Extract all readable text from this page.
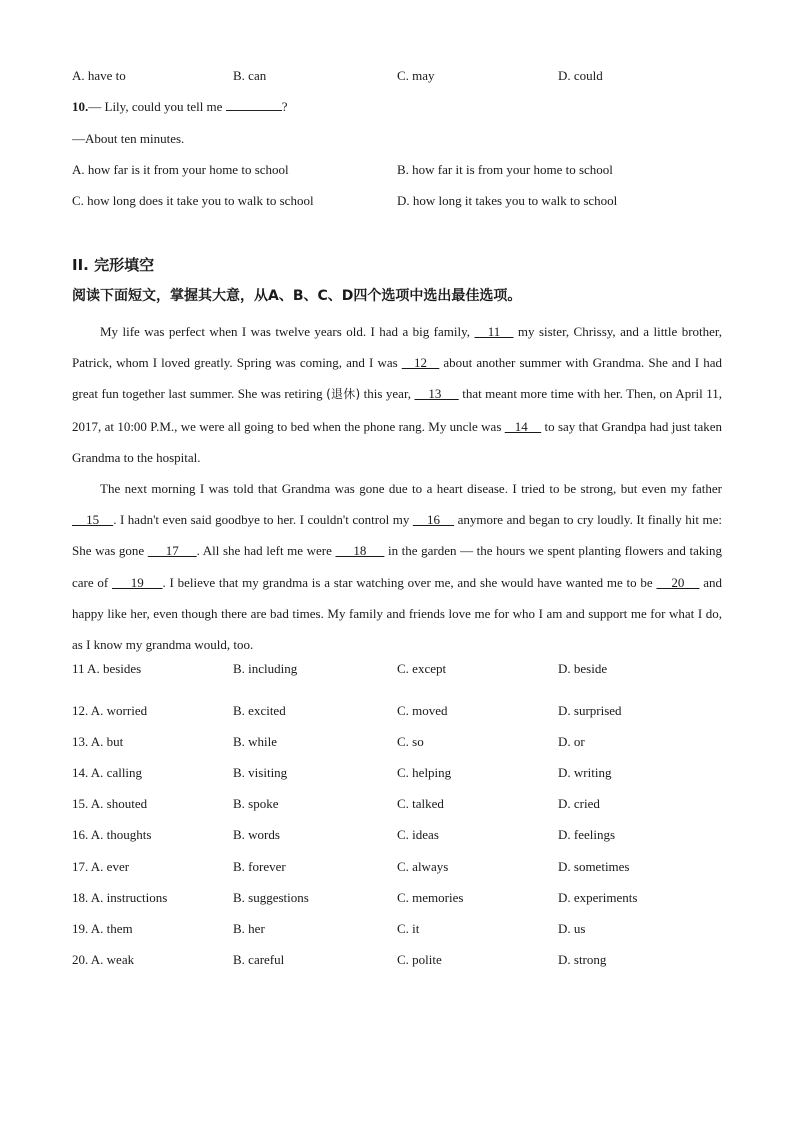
A. have to	B. can	C. may	D. could
10.— Lily, could you tell me	?
—About ten minutes.
A. how far is it from your home to school	B. how far it is from your home to school
C. how long does it take you to walk to school	D. how long it takes you to walk to school
II. 完形填空
阅读下面短文，掌握其大意，从A、B、C、D四个选项中选出最佳选项。

My life was perfect when I was twelve years old. I had a big family,    11    my sister, Chrissy, and a little brother, Patrick, whom I loved greatly. Spring was coming, and I was    12    about another summer with Grandma. She and I had great fun together last summer. She was retiring (退休) this year,     13      that meant more time with her. Then, on April 11, 2017, at 10:00 P.M., we were all going to bed when the phone rang. My uncle was    14     to say that Grandpa had just taken Grandma to the hospital.

The next morning I was told that Grandma was gone due to a heart disease. I tried to be strong, but even my father     15    . I hadn't even said goodbye to her. I couldn't control my     16     anymore and began to cry loudly. It finally hit me: She was gone      17     . All she had left me were      18      in the garden — the hours we spent planting flowers and taking care of      19     . I believe that my grandma is a star watching over me, and she would have wanted me to be     20     and happy like her, even though there are bad times. My family and friends love me for who I am and support me for what I do, as I know my grandma would, too.

11 A. besides	B. including	C. except	D. beside
12. A. worried	B. excited	C. moved	D. surprised
13. A. but	B. while	C. so	D. or
14. A. calling	B. visiting	C. helping	D. writing
15. A. shouted	B. spoke	C. talked	D. cried
16. A. thoughts	B. words	C. ideas	D. feelings
17. A. ever	B. forever	C. always	D. sometimes
18. A. instructions	B. suggestions	C. memories	D. experiments
19. A. them	B. her	C. it	D. us
20. A. weak	B. careful	C. polite	D. strong
